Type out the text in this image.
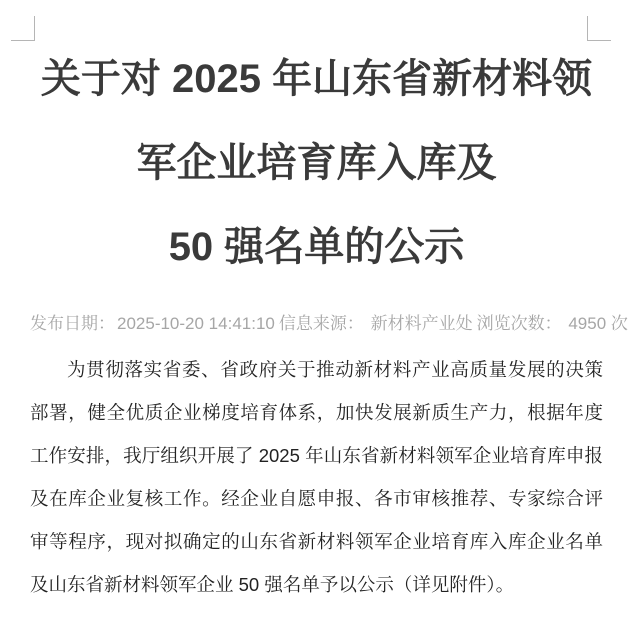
关于对 2025 年山东省新材料领
军企业培育库入库及
50 强名单的公示
发布日期： 2025-10-20 14:41:10 信息来源： 新材料产业处 浏览次数： 4950 次
为贯彻落实省委、省政府关于推动新材料产业高质量发展的决策部署，健全优质企业梯度培育体系，加快发展新质生产力，根据年度工作安排，我厅组织开展了 2025 年山东省新材料领军企业培育库申报及在库企业复核工作。经企业自愿申报、各市审核推荐、专家综合评审等程序，现对拟确定的山东省新材料领军企业培育库入库企业名单及山东省新材料领军企业 50 强名单予以公示（详见附件）。
